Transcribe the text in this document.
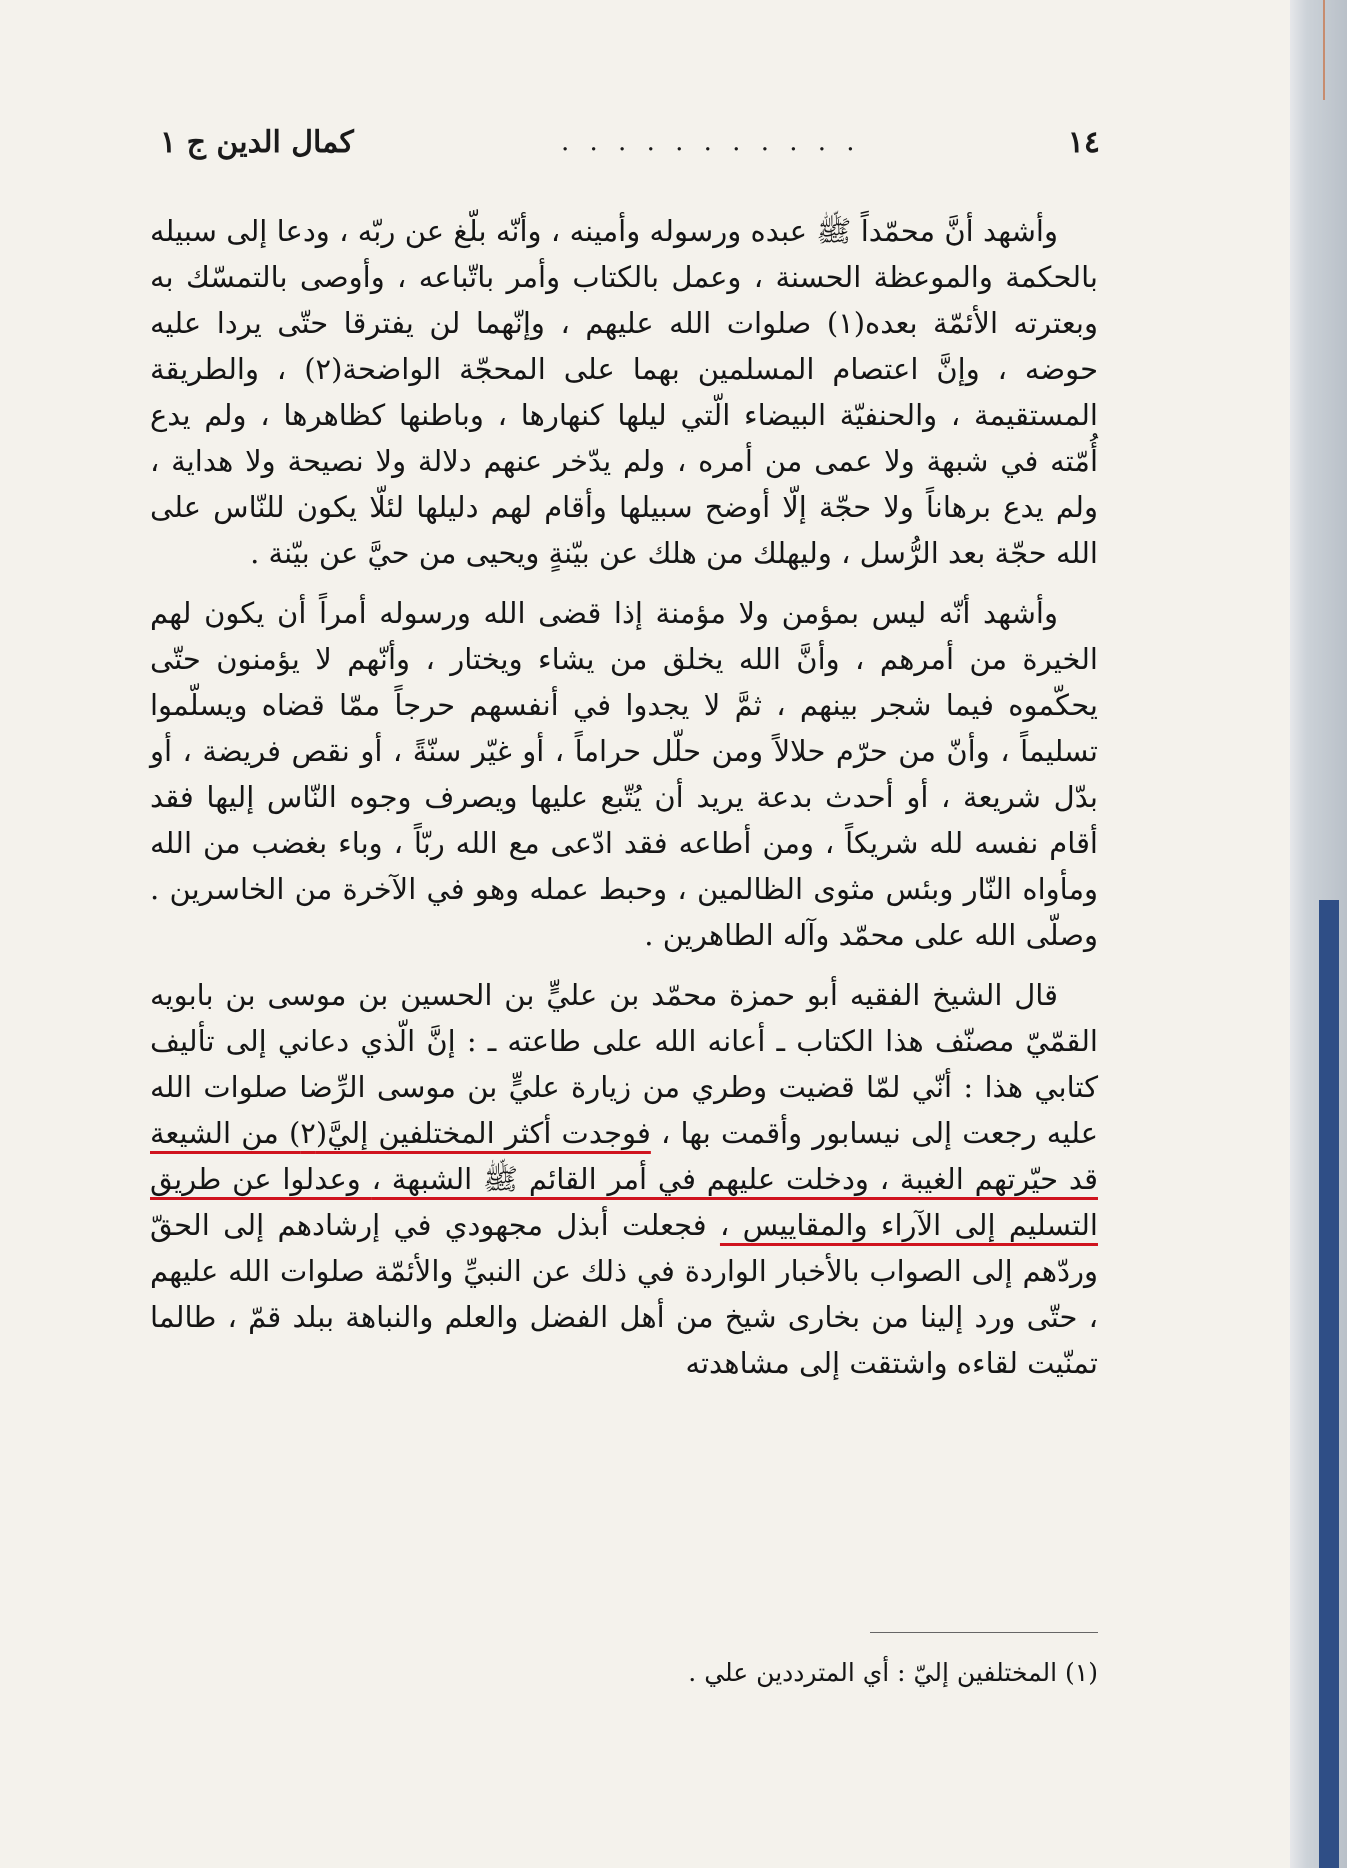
١٤
. . . . . . . . . . .
كمال الدين ج ١

وأشهد أنَّ محمّداً ﷺ عبده ورسوله وأمينه ، وأنّه بلّغ عن ربّه ، ودعا إلى سبيله بالحكمة والموعظة الحسنة ، وعمل بالكتاب وأمر باتّباعه ، وأوصى بالتمسّك به وبعترته الأئمّة بعده(١) صلوات الله عليهم ، وإنّهما لن يفترقا حتّى يردا عليه حوضه ، وإنَّ اعتصام المسلمين بهما على المحجّة الواضحة(٢) ، والطريقة المستقيمة ، والحنفيّة البيضاء الّتي ليلها كنهارها ، وباطنها كظاهرها ، ولم يدع أُمّته في شبهة ولا عمى من أمره ، ولم يدّخر عنهم دلالة ولا نصيحة ولا هداية ، ولم يدع برهاناً ولا حجّة إلّا أوضح سبيلها وأقام لهم دليلها لئلّا يكون للنّاس على الله حجّة بعد الرُّسل ، وليهلك من هلك عن بيّنةٍ ويحيى من حيَّ عن بيّنة .

وأشهد أنّه ليس بمؤمن ولا مؤمنة إذا قضى الله ورسوله أمراً أن يكون لهم الخيرة من أمرهم ، وأنَّ الله يخلق من يشاء ويختار ، وأنّهم لا يؤمنون حتّى يحكّموه فيما شجر بينهم ، ثمَّ لا يجدوا في أنفسهم حرجاً ممّا قضاه ويسلّموا تسليماً ، وأنّ من حرّم حلالاً ومن حلّل حراماً ، أو غيّر سنّةً ، أو نقص فريضة ، أو بدّل شريعة ، أو أحدث بدعة يريد أن يُتّبع عليها ويصرف وجوه النّاس إليها فقد أقام نفسه لله شريكاً ، ومن أطاعه فقد ادّعى مع الله ربّاً ، وباء بغضب من الله ومأواه النّار وبئس مثوى الظالمين ، وحبط عمله وهو في الآخرة من الخاسرين . وصلّى الله على محمّد وآله الطاهرين .

قال الشيخ الفقيه أبو حمزة محمّد بن عليٍّ بن الحسين بن موسى بن بابويه القمّيّ مصنّف هذا الكتاب ـ أعانه الله على طاعته ـ : إنَّ الّذي دعاني إلى تأليف كتابي هذا : أنّي لمّا قضيت وطري من زيارة عليٍّ بن موسى الرِّضا صلوات الله عليه رجعت إلى نيسابور وأقمت بها ، فوجدت أكثر المختلفين إليَّ(٢) من الشيعة قد حيّرتهم الغيبة ، ودخلت عليهم في أمر القائم ﷺ الشبهة ، وعدلوا عن طريق التسليم إلى الآراء والمقاييس ، فجعلت أبذل مجهودي في إرشادهم إلى الحقّ وردّهم إلى الصواب بالأخبار الواردة في ذلك عن النبيِّ والأئمّة صلوات الله عليهم ، حتّى ورد إلينا من بخارى شيخ من أهل الفضل والعلم والنباهة ببلد قمّ ، طالما تمنّيت لقاءه واشتقت إلى مشاهدته

(١) المختلفين إليّ : أي المترددين علي .
